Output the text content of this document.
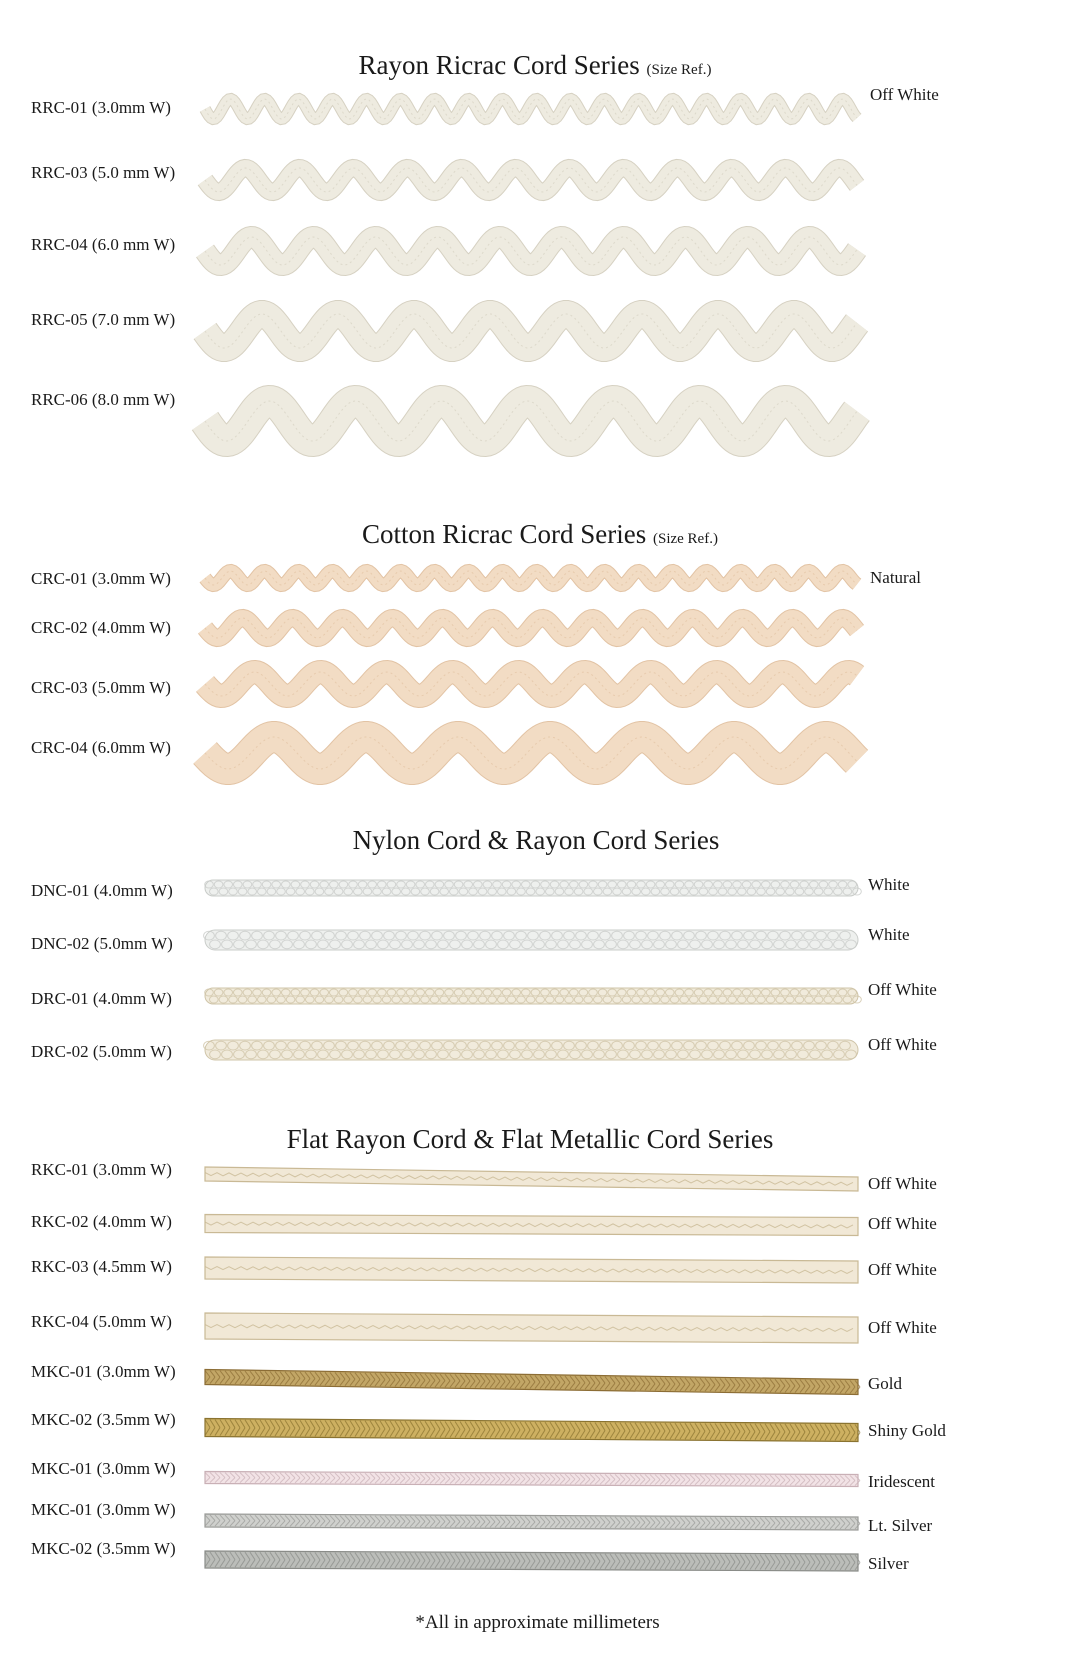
Rayon Ricrac Cord Series (Size Ref.)
Cotton Ricrac Cord Series (Size Ref.)
Nylon Cord & Rayon Cord Series
Flat Rayon Cord & Flat Metallic Cord Series
RRC-01 (3.0mm W)
RRC-03 (5.0 mm W)
RRC-04 (6.0 mm W)
RRC-05 (7.0 mm W)
RRC-06 (8.0 mm W)
Off White
CRC-01 (3.0mm W)
CRC-02 (4.0mm W)
CRC-03 (5.0mm W)
CRC-04 (6.0mm W)
Natural
DNC-01 (4.0mm W)
DNC-02 (5.0mm W)
DRC-01 (4.0mm W)
DRC-02 (5.0mm W)
White
White
Off White
Off White
RKC-01 (3.0mm W)
RKC-02 (4.0mm W)
RKC-03 (4.5mm W)
RKC-04 (5.0mm W)
MKC-01 (3.0mm W)
MKC-02 (3.5mm W)
MKC-01 (3.0mm W)
MKC-01 (3.0mm W)
MKC-02 (3.5mm W)
Off White
Off White
Off White
Off White
Gold
Shiny Gold
Iridescent
Lt. Silver
Silver
*All in approximate millimeters
